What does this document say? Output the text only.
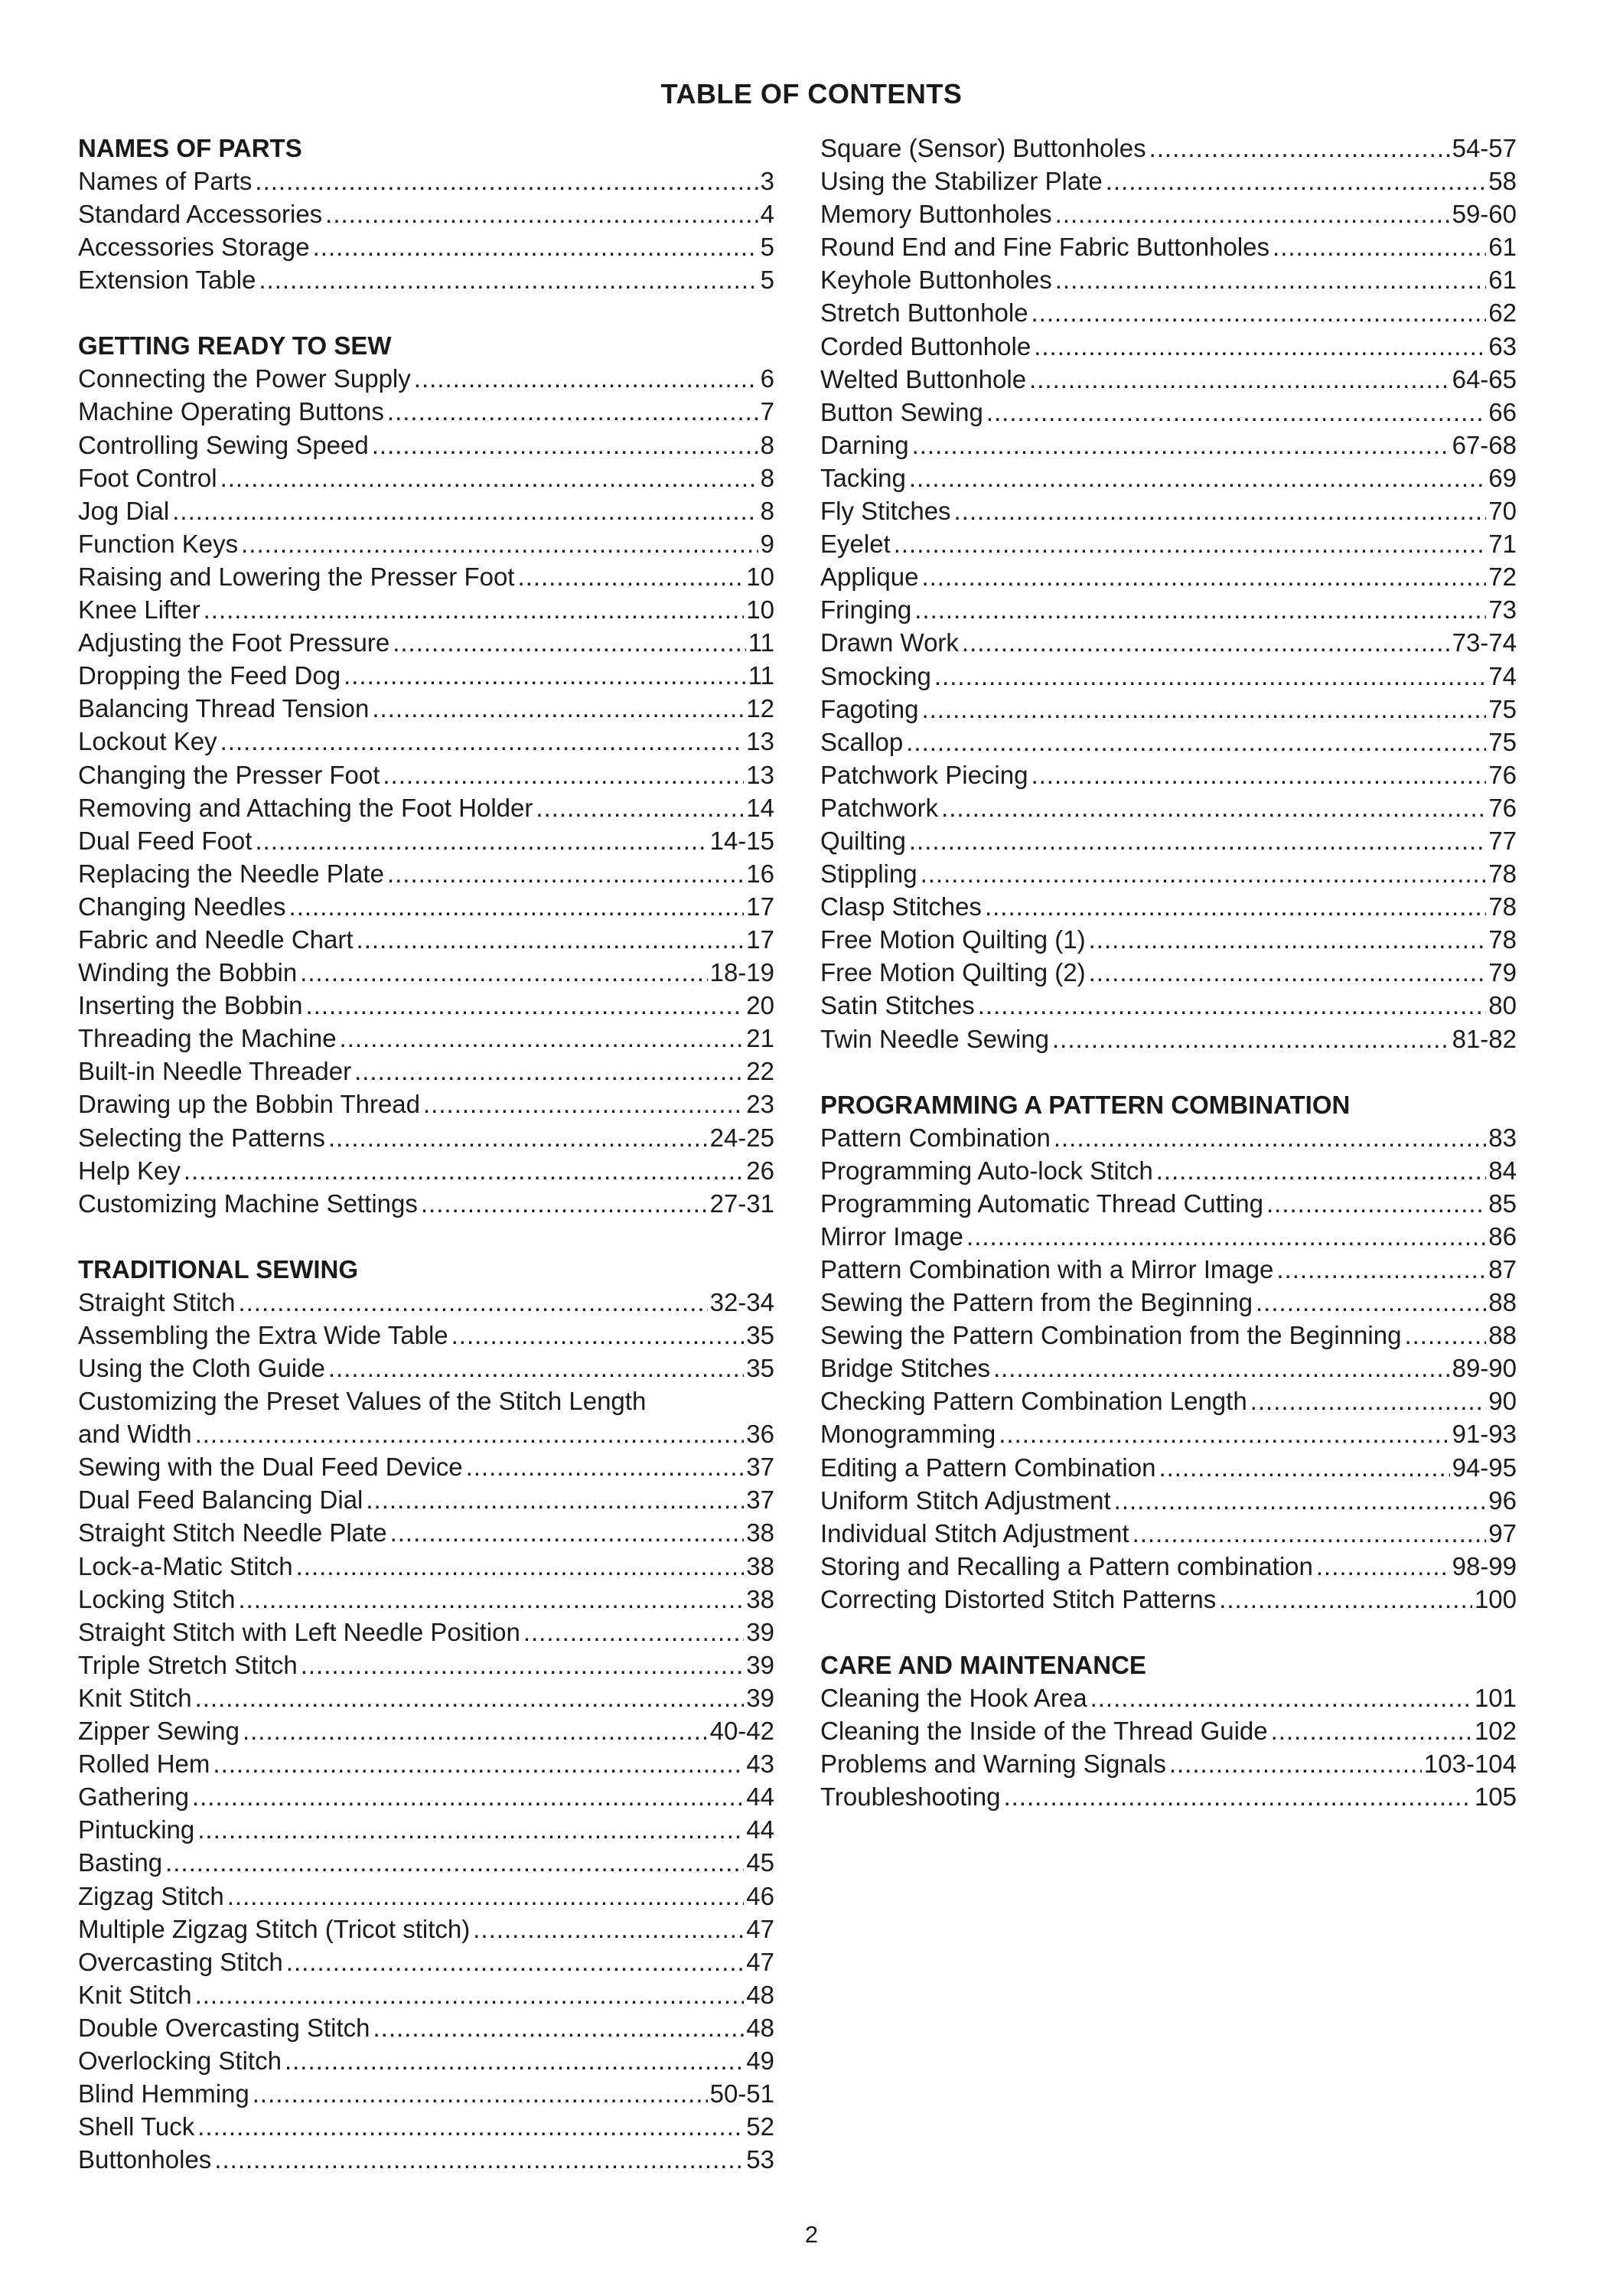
TABLE OF CONTENTS
NAMES OF PARTS
Names of Parts .....	3
Standard Accessories .....	4
Accessories Storage .....	5
Extension Table .....	5
GETTING READY TO SEW
Connecting the Power Supply .....	6
Machine Operating Buttons .....	7
Controlling Sewing Speed .....	8
Foot Control .....	8
Jog Dial .....	8
Function Keys .....	9
Raising and Lowering the Presser Foot .....	10
Knee Lifter .....	10
Adjusting the Foot Pressure .....	11
Dropping the Feed Dog .....	11
Balancing Thread Tension .....	12
Lockout Key .....	13
Changing the Presser Foot .....	13
Removing and Attaching the Foot Holder .....	14
Dual Feed Foot .....	14-15
Replacing the Needle Plate .....	16
Changing Needles .....	17
Fabric and Needle Chart .....	17
Winding the Bobbin .....	18-19
Inserting the Bobbin .....	20
Threading the Machine .....	21
Built-in Needle Threader .....	22
Drawing up the Bobbin Thread .....	23
Selecting the Patterns .....	24-25
Help Key .....	26
Customizing Machine Settings .....	27-31
TRADITIONAL SEWING
Straight Stitch .....	32-34
Assembling the Extra Wide Table .....	35
Using the Cloth Guide .....	35
Customizing the Preset Values of the Stitch Length
and Width .....	36
Sewing with the Dual Feed Device .....	37
Dual Feed Balancing Dial .....	37
Straight Stitch Needle Plate .....	38
Lock-a-Matic Stitch .....	38
Locking Stitch .....	38
Straight Stitch with Left Needle Position .....	39
Triple Stretch Stitch .....	39
Knit Stitch .....	39
Zipper Sewing .....	40-42
Rolled Hem .....	43
Gathering .....	44
Pintucking .....	44
Basting .....	45
Zigzag Stitch .....	46
Multiple Zigzag Stitch (Tricot stitch) .....	47
Overcasting Stitch .....	47
Knit Stitch .....	48
Double Overcasting Stitch .....	48
Overlocking Stitch .....	49
Blind Hemming .....	50-51
Shell Tuck .....	52
Buttonholes .....	53
Square (Sensor) Buttonholes .....	54-57
Using the Stabilizer Plate .....	58
Memory Buttonholes .....	59-60
Round End and Fine Fabric Buttonholes .....	61
Keyhole Buttonholes .....	61
Stretch Buttonhole .....	62
Corded Buttonhole .....	63
Welted Buttonhole .....	64-65
Button Sewing .....	66
Darning .....	67-68
Tacking .....	69
Fly Stitches .....	70
Eyelet .....	71
Applique .....	72
Fringing .....	73
Drawn Work .....	73-74
Smocking .....	74
Fagoting .....	75
Scallop .....	75
Patchwork Piecing .....	76
Patchwork .....	76
Quilting .....	77
Stippling .....	78
Clasp Stitches .....	78
Free Motion Quilting (1) .....	78
Free Motion Quilting (2) .....	79
Satin Stitches .....	80
Twin Needle Sewing .....	81-82
PROGRAMMING A PATTERN COMBINATION
Pattern Combination .....	83
Programming Auto-lock Stitch .....	84
Programming Automatic Thread Cutting .....	85
Mirror Image .....	86
Pattern Combination with a Mirror Image .....	87
Sewing the Pattern from the Beginning .....	88
Sewing the Pattern Combination from the Beginning .....	88
Bridge Stitches .....	89-90
Checking Pattern Combination Length .....	90
Monogramming .....	91-93
Editing a Pattern Combination .....	94-95
Uniform Stitch Adjustment .....	96
Individual Stitch Adjustment .....	97
Storing and Recalling a Pattern combination .....	98-99
Correcting Distorted Stitch Patterns .....	100
CARE AND MAINTENANCE
Cleaning the Hook Area .....	101
Cleaning the Inside of the Thread Guide .....	102
Problems and Warning Signals .....	103-104
Troubleshooting .....	105
2
